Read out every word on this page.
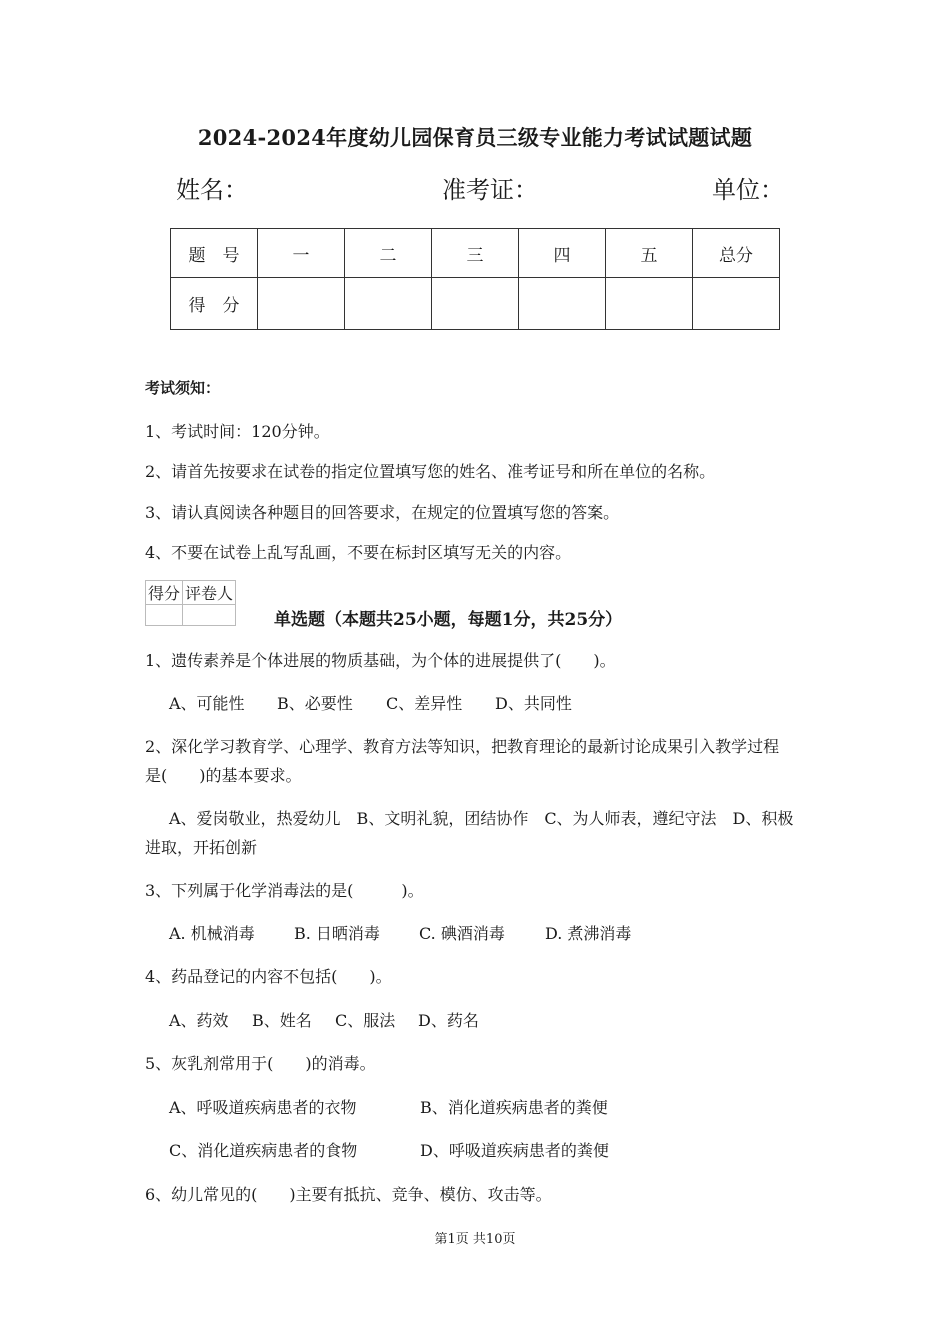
2024-2024年度幼儿园保育员三级专业能力考试试题试题
姓名：	准考证：	单位：
题　号	一	二	三	四	五	总分
得　分						
考试须知：
1、考试时间：120分钟。
2、请首先按要求在试卷的指定位置填写您的姓名、准考证号和所在单位的名称。
3、请认真阅读各种题目的回答要求，在规定的位置填写您的答案。
4、不要在试卷上乱写乱画，不要在标封区填写无关的内容。
得分	评卷人

单选题（本题共25小题，每题1分，共25分）
1、遗传素养是个体进展的物质基础，为个体的进展提供了(　　)。
A、可能性 B、必要性 C、差异性 D、共同性
2、深化学习教育学、心理学、教育方法等知识，把教育理论的最新讨论成果引入教学过程
是(　　)的基本要求。
A、爱岗敬业，热爱幼儿　B、文明礼貌，团结协作　C、为人师表，遵纪守法　D、积极
进取，开拓创新
3、下列属于化学消毒法的是(　　　)。
A. 机械消毒 B. 日晒消毒 C. 碘酒消毒	D. 煮沸消毒
4、药品登记的内容不包括(　　)。
A、药效 B、姓名 C、服法 D、药名
5、灰乳剂常用于(　　)的消毒。
A、呼吸道疾病患者的衣物	B、消化道疾病患者的粪便
C、消化道疾病患者的食物	D、呼吸道疾病患者的粪便
6、幼儿常见的(　　)主要有抵抗、竞争、模仿、攻击等。
第1页 共10页
